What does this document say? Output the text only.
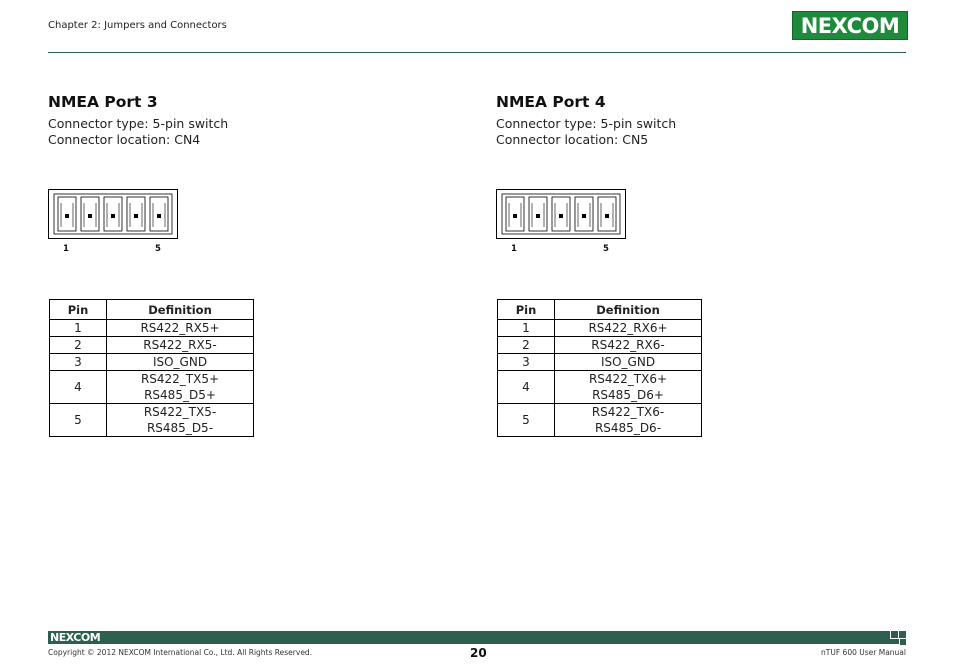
Chapter 2: Jumpers and Connectors	NEXCOM
NMEA Port 3
Connector type: 5-pin switch
Connector location: CN4
1	5
Pin	Definition
1	RS422_RX5+
2	RS422_RX5-
3	ISO_GND
4	RS422_TX5+
RS485_D5+

5	RS422_TX5-
RS485_D5-
NMEA Port 4
Connector type: 5-pin switch
Connector location: CN5
1	5
Pin	Definition
1	RS422_RX6+
2	RS422_RX6-
3	ISO_GND
4	RS422_TX6+
RS485_D6+

5	RS422_TX6-
RS485_D6-
NEXCOM
Copyright © 2012 NEXCOM International Co., Ltd. All Rights Reserved.	20	nTUF 600 User Manual
